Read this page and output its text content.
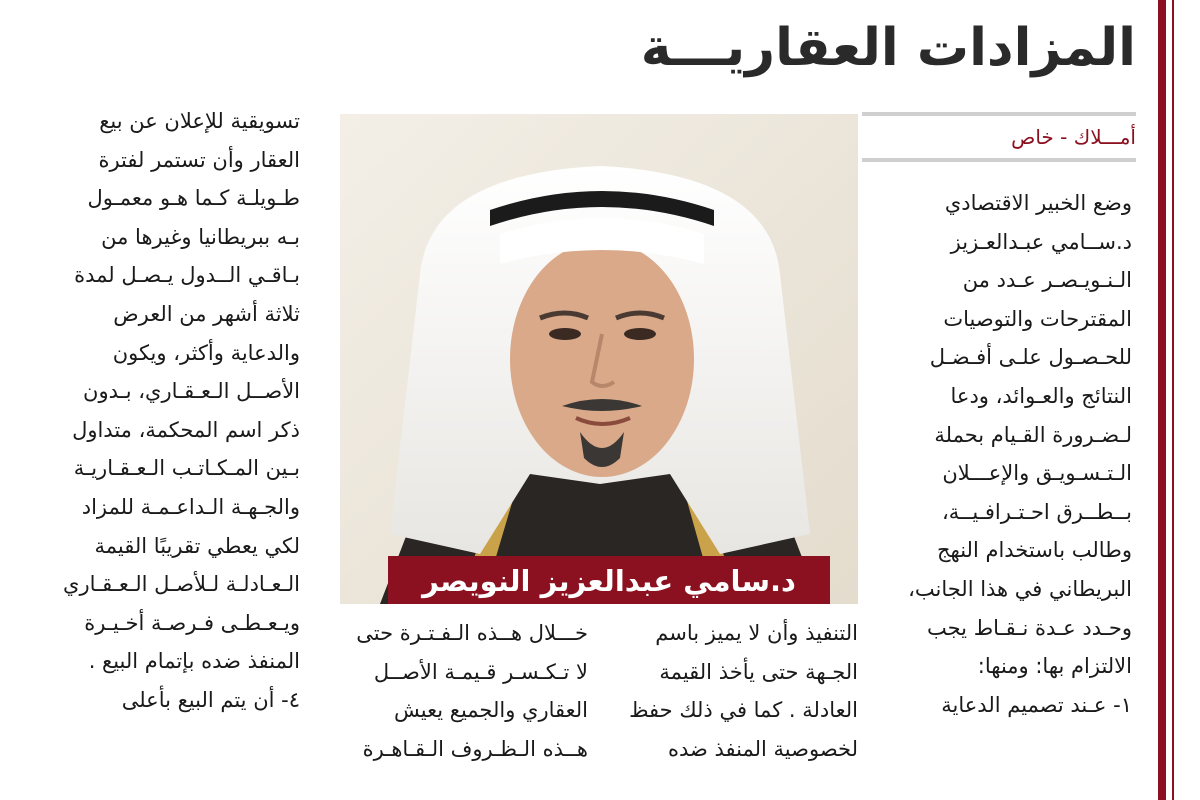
المزادات العقاريـــة
أمـــلاك - خاص

وضع الخبير الاقتصادي

د.ســامي عبـدالعـزيز

الـنـويـصـر عـدد من

المقترحات والتوصيات

للحـصـول علـى أفـضـل

النتائج والعـوائد، ودعا

لـضـرورة القـيام بحملة

الـتـسـويـق والإعـــلان

بــطــرق احـتـرافـيــة،

وطالب باستخدام النهج

البريطاني في هذا الجانب،

وحـدد عـدة نـقـاط يجب

الالتزام بها: ومنها:

١- عـند تصميم الدعاية

د.سامي عبدالعزيز النويصر

التنفيذ وأن لا يميز باسم

الجـهة حتى يأخذ القيمة

العادلة . كما في ذلك حفظ

لخصوصية المنفذ ضده

خـــلال هــذه الـفـتـرة حتى

لا تـكـسـر قـيمـة الأصــل

العقاري والجميع يعيش

هــذه الـظـروف الـقـاهـرة

تسويقية للإعلان عن بيع

العقار وأن تستمر لفترة

طـويلـة كـما هـو معمـول

بـه ببريطانيا وغيرها من

بـاقـي الــدول يـصـل لمدة

ثلاثة أشهر من العرض

والدعاية وأكثر، ويكون

الأصــل الـعـقـاري، بـدون

ذكر اسم المحكمة، متداول

بـين المـكـاتـب الـعـقـاريـة

والجـهـة الـداعـمـة للمزاد

لكي يعطي تقريبًا القيمة

الـعـادلـة لـلأصـل الـعـقـاري

ويـعـطـى فـرصـة أخـيـرة

المنفذ ضده بإتمام البيع .

٤- أن يتم البيع بأعلى
